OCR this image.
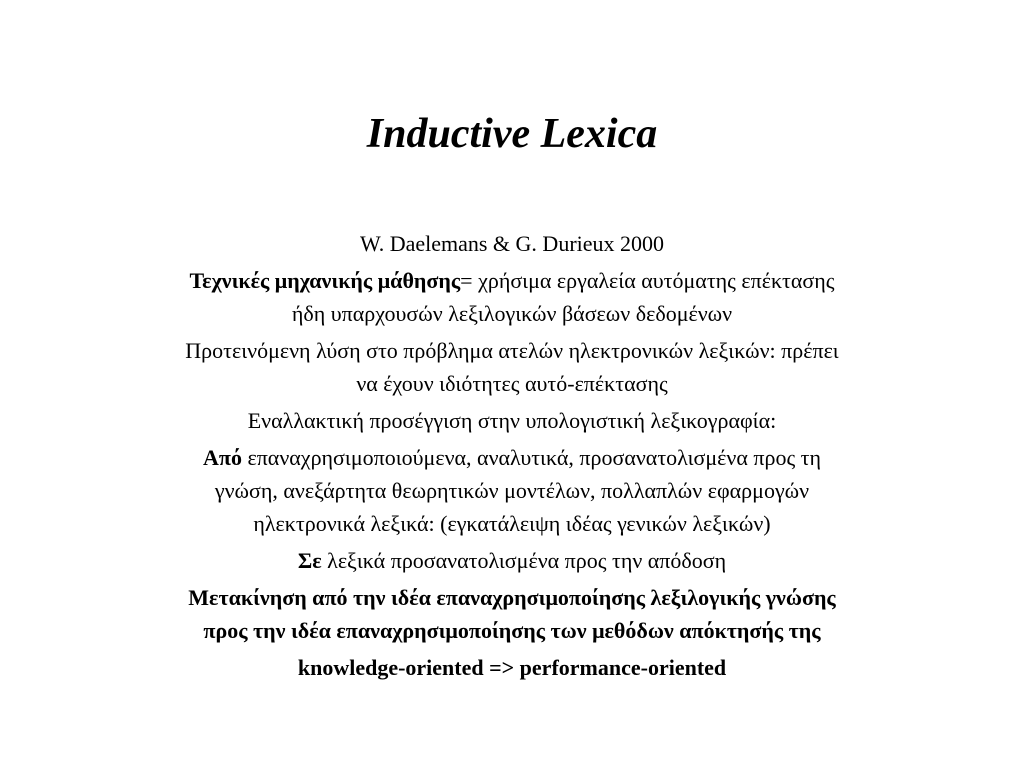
Inductive Lexica
W. Daelemans & G. Durieux 2000
Τεχνικές μηχανικής μάθησης= χρήσιμα εργαλεία αυτόματης επέκτασης
ήδη υπαρχουσών λεξιλογικών βάσεων δεδομένων
Προτεινόμενη λύση στο πρόβλημα ατελών ηλεκτρονικών λεξικών: πρέπει
να έχουν ιδιότητες αυτό-επέκτασης
Εναλλακτική προσέγγιση στην υπολογιστική λεξικογραφία:
Από επαναχρησιμοποιούμενα, αναλυτικά, προσανατολισμένα προς τη
γνώση, ανεξάρτητα θεωρητικών μοντέλων, πολλαπλών εφαρμογών
ηλεκτρονικά λεξικά: (εγκατάλειψη ιδέας γενικών λεξικών)
Σε λεξικά προσανατολισμένα προς την απόδοση
Μετακίνηση από την ιδέα επαναχρησιμοποίησης λεξιλογικής γνώσης
προς την ιδέα επαναχρησιμοποίησης των μεθόδων απόκτησής της
knowledge-oriented => performance-oriented
